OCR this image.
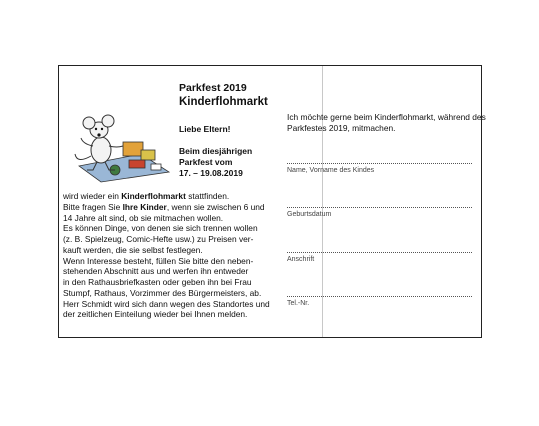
Parkfest 2019
Kinderflohmarkt
Liebe Eltern!
Beim diesjährigen
Parkfest vom
17. – 19.08.2019
wird wieder ein Kinderflohmarkt stattfinden.
Bitte fragen Sie Ihre Kinder, wenn sie zwischen 6 und
14 Jahre alt sind, ob sie mitmachen wollen.
Es können Dinge, von denen sie sich trennen wollen
(z. B. Spielzeug, Comic-Hefte usw.) zu Preisen ver-
kauft werden, die sie selbst festlegen.
Wenn Interesse besteht, füllen Sie bitte den neben-
stehenden Abschnitt aus und werfen ihn entweder
in den Rathausbriefkasten oder geben ihn bei Frau
Stumpf, Rathaus, Vorzimmer des Bürgermeisters, ab.
Herr Schmidt wird sich dann wegen des Standortes und
der zeitlichen Einteilung wieder bei Ihnen melden.
Ich möchte gerne beim Kinderflohmarkt, während des
Parkfestes 2019, mitmachen.
Name, Vorname des Kindes
Geburtsdatum
Anschrift
Tel.-Nr.
